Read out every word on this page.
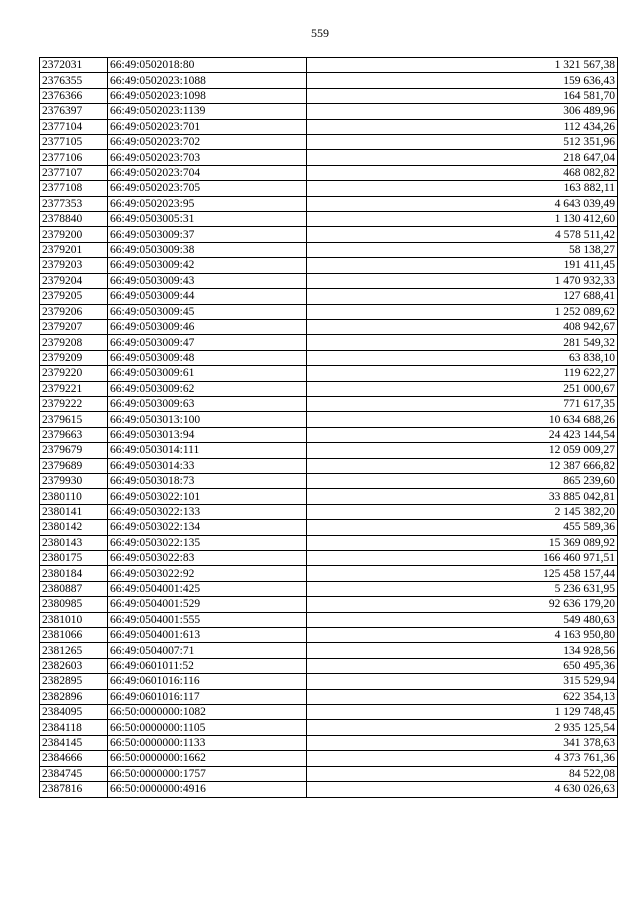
559
2372031	66:49:0502018:80	1 321 567,38
2376355	66:49:0502023:1088	159 636,43
2376366	66:49:0502023:1098	164 581,70
2376397	66:49:0502023:1139	306 489,96
2377104	66:49:0502023:701	112 434,26
2377105	66:49:0502023:702	512 351,96
2377106	66:49:0502023:703	218 647,04
2377107	66:49:0502023:704	468 082,82
2377108	66:49:0502023:705	163 882,11
2377353	66:49:0502023:95	4 643 039,49
2378840	66:49:0503005:31	1 130 412,60
2379200	66:49:0503009:37	4 578 511,42
2379201	66:49:0503009:38	58 138,27
2379203	66:49:0503009:42	191 411,45
2379204	66:49:0503009:43	1 470 932,33
2379205	66:49:0503009:44	127 688,41
2379206	66:49:0503009:45	1 252 089,62
2379207	66:49:0503009:46	408 942,67
2379208	66:49:0503009:47	281 549,32
2379209	66:49:0503009:48	63 838,10
2379220	66:49:0503009:61	119 622,27
2379221	66:49:0503009:62	251 000,67
2379222	66:49:0503009:63	771 617,35
2379615	66:49:0503013:100	10 634 688,26
2379663	66:49:0503013:94	24 423 144,54
2379679	66:49:0503014:111	12 059 009,27
2379689	66:49:0503014:33	12 387 666,82
2379930	66:49:0503018:73	865 239,60
2380110	66:49:0503022:101	33 885 042,81
2380141	66:49:0503022:133	2 145 382,20
2380142	66:49:0503022:134	455 589,36
2380143	66:49:0503022:135	15 369 089,92
2380175	66:49:0503022:83	166 460 971,51
2380184	66:49:0503022:92	125 458 157,44
2380887	66:49:0504001:425	5 236 631,95
2380985	66:49:0504001:529	92 636 179,20
2381010	66:49:0504001:555	549 480,63
2381066	66:49:0504001:613	4 163 950,80
2381265	66:49:0504007:71	134 928,56
2382603	66:49:0601011:52	650 495,36
2382895	66:49:0601016:116	315 529,94
2382896	66:49:0601016:117	622 354,13
2384095	66:50:0000000:1082	1 129 748,45
2384118	66:50:0000000:1105	2 935 125,54
2384145	66:50:0000000:1133	341 378,63
2384666	66:50:0000000:1662	4 373 761,36
2384745	66:50:0000000:1757	84 522,08
2387816	66:50:0000000:4916	4 630 026,63
